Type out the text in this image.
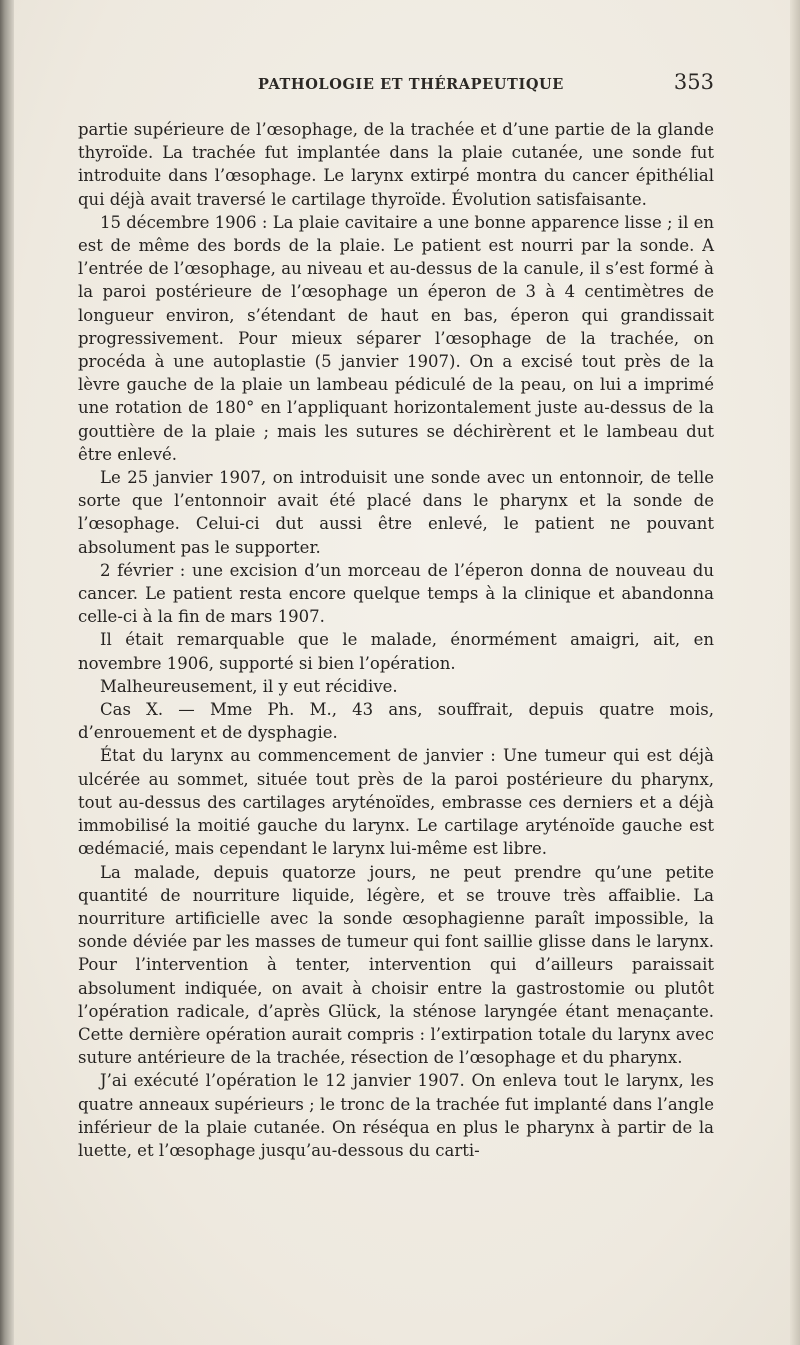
PATHOLOGIE ET THÉRAPEUTIQUE	353

partie supérieure de l’œsophage, de la trachée et d’une partie de la glande thyroïde. La trachée fut implantée dans la plaie cutanée, une sonde fut introduite dans l’œsophage. Le larynx extirpé montra du cancer épithélial qui déjà avait traversé le cartilage thyroïde. Évolution satisfaisante.

15 décembre 1906 : La plaie cavitaire a une bonne apparence lisse ; il en est de même des bords de la plaie. Le patient est nourri par la sonde. A l’entrée de l’œsophage, au niveau et au-dessus de la canule, il s’est formé à la paroi postérieure de l’œsophage un éperon de 3 à 4 centimètres de longueur environ, s’étendant de haut en bas, éperon qui grandissait progressivement. Pour mieux séparer l’œsophage de la trachée, on procéda à une autoplastie (5 janvier 1907). On a excisé tout près de la lèvre gauche de la plaie un lambeau pédiculé de la peau, on lui a imprimé une rotation de 180° en l’appliquant horizontalement juste au-dessus de la gouttière de la plaie ; mais les sutures se déchirèrent et le lambeau dut être enlevé.

Le 25 janvier 1907, on introduisit une sonde avec un entonnoir, de telle sorte que l’entonnoir avait été placé dans le pharynx et la sonde de l’œsophage. Celui-ci dut aussi être enlevé, le patient ne pouvant absolument pas le supporter.

2 février : une excision d’un morceau de l’éperon donna de nouveau du cancer. Le patient resta encore quelque temps à la clinique et abandonna celle-ci à la fin de mars 1907.

Il était remarquable que le malade, énormément amaigri, ait, en novembre 1906, supporté si bien l’opération.

Malheureusement, il y eut récidive.

Cas X. — Mme Ph. M., 43 ans, souffrait, depuis quatre mois, d’enrouement et de dysphagie.

État du larynx au commencement de janvier : Une tumeur qui est déjà ulcérée au sommet, située tout près de la paroi postérieure du pharynx, tout au-dessus des cartilages aryténoïdes, embrasse ces derniers et a déjà immobilisé la moitié gauche du larynx. Le cartilage aryténoïde gauche est œdémacié, mais cependant le larynx lui-même est libre.

La malade, depuis quatorze jours, ne peut prendre qu’une petite quantité de nourriture liquide, légère, et se trouve très affaiblie. La nourriture artificielle avec la sonde œsophagienne paraît impossible, la sonde déviée par les masses de tumeur qui font saillie glisse dans le larynx. Pour l’intervention à tenter, intervention qui d’ailleurs paraissait absolument indiquée, on avait à choisir entre la gastrostomie ou plutôt l’opération radicale, d’après Glück, la sténose laryngée étant menaçante. Cette dernière opération aurait compris : l’extirpation totale du larynx avec suture antérieure de la trachée, résection de l’œsophage et du pharynx.

J’ai exécuté l’opération le 12 janvier 1907. On enleva tout le larynx, les quatre anneaux supérieurs ; le tronc de la trachée fut implanté dans l’angle inférieur de la plaie cutanée. On réséqua en plus le pharynx à partir de la luette, et l’œsophage jusqu’au-dessous du carti-
